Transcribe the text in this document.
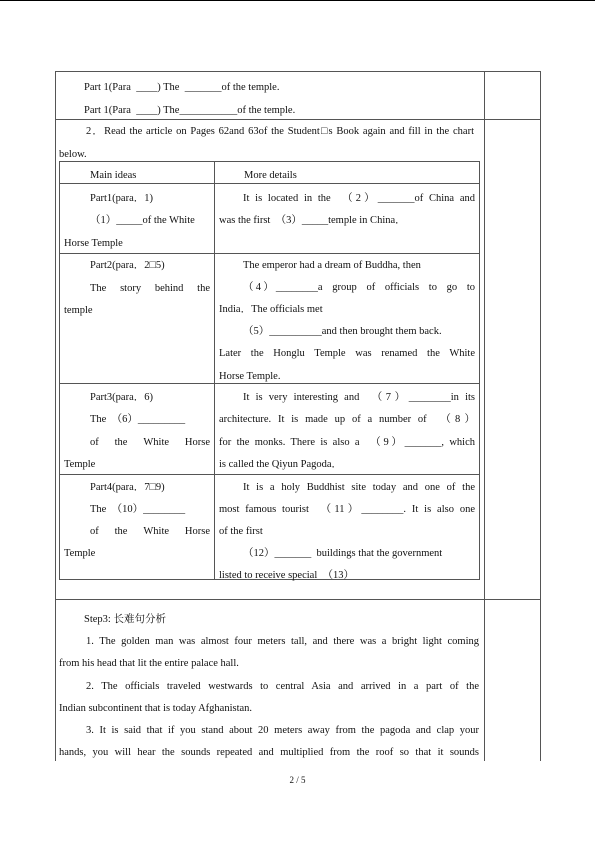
Part 1(Para  ____) The  _______of the temple.
Part 1(Para  ____) The___________of the temple.
2．Read the article on Pages 62and 63of the Student□s Book again and fill in the chart
below.
Main ideas	More details
Part1(para．1)
（1）_____of the White
Horse Temple
It is located in the  （2）_______of China and
was the first  （3）_____temple in China．
Part2(para．2□5)
The  story  behind  the
temple
The emperor had a dream of Buddha, then
（4）________a  group  of  officials  to  go  to
India．The officials met
（5）__________and then brought them back.
Later the Honglu Temple was renamed the White
Horse Temple.
Part3(para．6)
The  （6）_________
of  the  White  Horse
Temple
It is very interesting and  （7）________in its
architecture. It is made up of a number of  （8）
for the monks. There is also a  （9）_______, which
is called the Qiyun Pagoda．
Part4(para．7□9)
The  （10）________
of  the  White  Horse
Temple
It is a holy Buddhist site today and one of the
most famous tourist  （11）________. It is also one
of the first
（12）_______  buildings that the government
listed to receive special  （13）
Step3: 长难句分析
1. The golden man was almost four meters tall, and there was a bright light coming
from his head that lit the entire palace hall.
2. The officials traveled westwards to central Asia and arrived in a part of the
Indian subcontinent that is today Afghanistan.
3. It is said that if you stand about 20 meters away from the pagoda and clap your
hands, you will hear the sounds repeated and multiplied from the roof so that it sounds
2 / 5
